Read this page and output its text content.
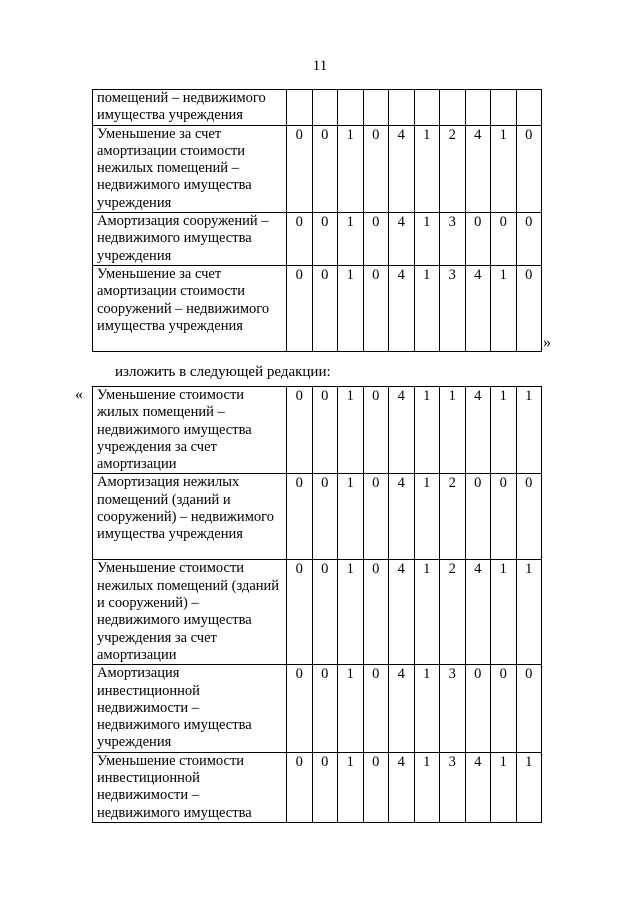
11
помещений – недвижимого имущества учреждения										
Уменьшение за счет амортизации стоимости нежилых помещений – недвижимого имущества учреждения	0	0	1	0	4	1	2	4	1	0
Амортизация сооружений – недвижимого имущества учреждения	0	0	1	0	4	1	3	0	0	0
Уменьшение за счет амортизации стоимости сооружений – недвижимого имущества учреждения	0	0	1	0	4	1	3	4	1	0
»
изложить в следующей редакции:
« Уменьшение стоимости жилых помещений – недвижимого имущества учреждения за счет амортизации	0	0	1	0	4	1	1	4	1	1
Амортизация нежилых помещений (зданий и сооружений) – недвижимого имущества учреждения	0	0	1	0	4	1	2	0	0	0
Уменьшение стоимости нежилых помещений (зданий и сооружений) – недвижимого имущества учреждения за счет амортизации	0	0	1	0	4	1	2	4	1	1
Амортизация инвестиционной недвижимости – недвижимого имущества учреждения	0	0	1	0	4	1	3	0	0	0
Уменьшение стоимости инвестиционной недвижимости – недвижимого имущества	0	0	1	0	4	1	3	4	1	1
